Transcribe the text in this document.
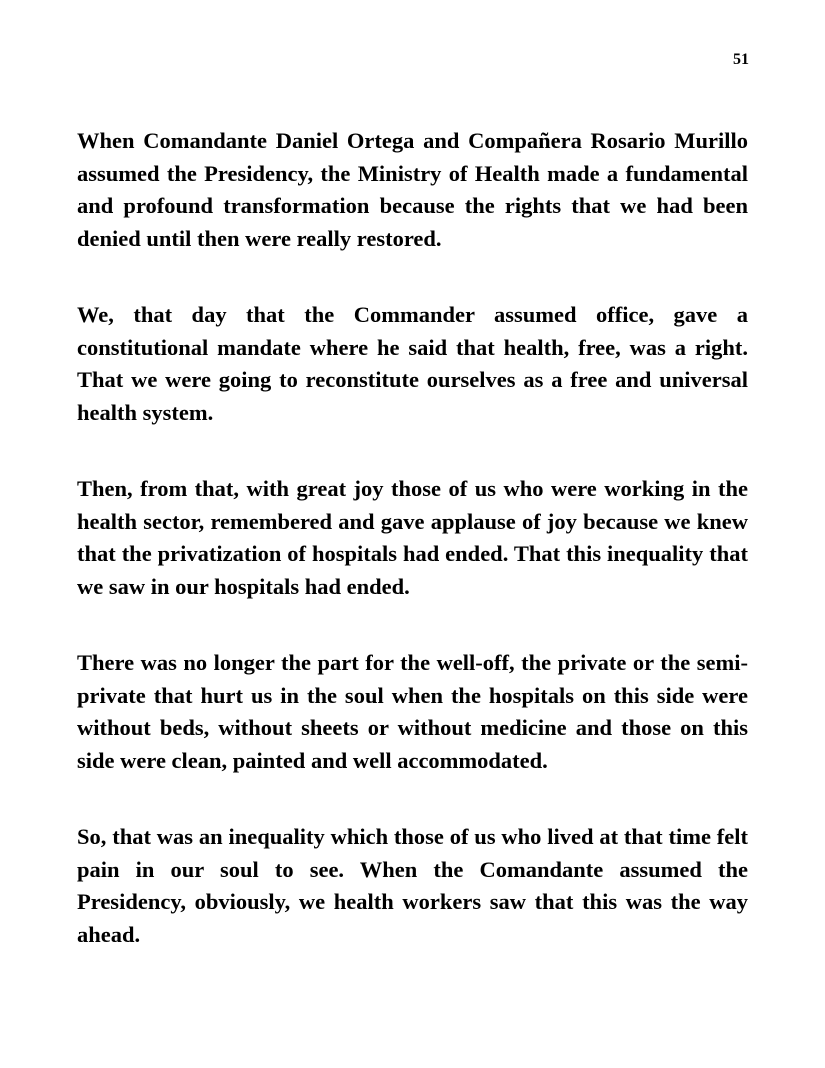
51

When Comandante Daniel Ortega and Compañera Rosario Murillo assumed the Presidency, the Ministry of Health made a fundamental and profound transformation because the rights that we had been denied until then were really restored.

We, that day that the Commander assumed office, gave a constitutional mandate where he said that health, free, was a right. That we were going to reconstitute ourselves as a free and universal health system.

Then, from that, with great joy those of us who were working in the health sector, remembered and gave applause of joy because we knew that the privatization of hospitals had ended. That this inequality that we saw in our hospitals had ended.

There was no longer the part for the well-off, the private or the semi-private that hurt us in the soul when the hospitals on this side were without beds, without sheets or without medicine and those on this side were clean, painted and well accommodated.

So, that was an inequality which those of us who lived at that time felt pain in our soul to see. When the Comandante assumed the Presidency, obviously, we health workers saw that this was the way ahead.
